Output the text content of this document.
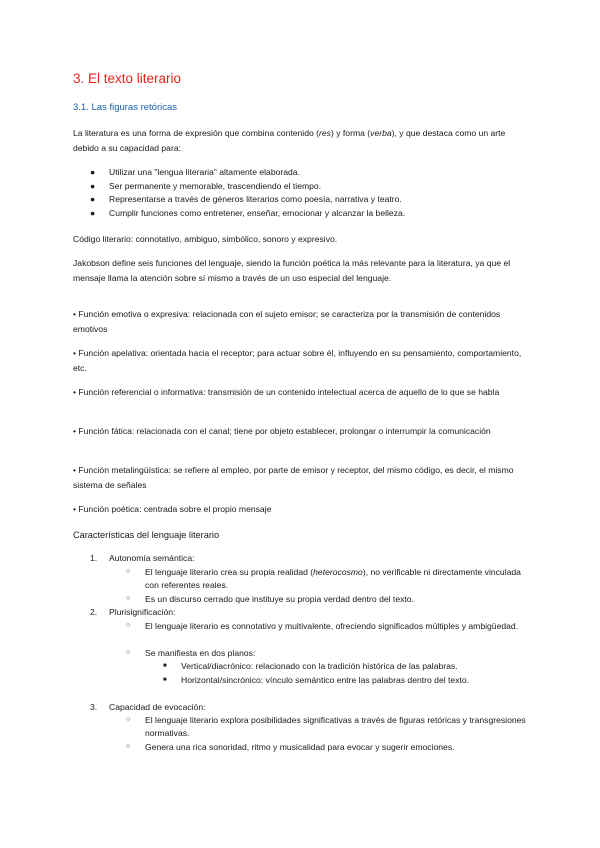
3. El texto literario
3.1. Las figuras retóricas

La literatura es una forma de expresión que combina contenido (res) y forma (verba), y que destaca como un arte debido a su capacidad para:

● Utilizar una "lengua literaria" altamente elaborada.
● Ser permanente y memorable, trascendiendo el tiempo.
● Representarse a través de géneros literarios como poesía, narrativa y teatro.
● Cumplir funciones como entretener, enseñar, emocionar y alcanzar la belleza.

Código literario: connotativo, ambiguo, simbólico, sonoro y expresivo.

Jakobson define seis funciones del lenguaje, siendo la función poética la más relevante para la literatura, ya que el mensaje llama la atención sobre sí mismo a través de un uso especial del lenguaje.

• Función emotiva o expresiva: relacionada con el sujeto emisor; se caracteriza por la transmisión de contenidos emotivos

• Función apelativa: orientada hacia el receptor; para actuar sobre él, influyendo en su pensamiento, comportamiento, etc.

• Función referencial o informativa: transmisión de un contenido intelectual acerca de aquello de lo que se habla

• Función fática: relacionada con el canal; tiene por objeto establecer, prolongar o interrumpir la comunicación

• Función metalingüística: se refiere al empleo, por parte de emisor y receptor, del mismo código, es decir, el mismo sistema de señales

• Función poética: centrada sobre el propio mensaje

Características del lenguaje literario

1. Autonomía semántica:
○ El lenguaje literario crea su propia realidad (heterocosmo), no verificable ni directamente vinculada con referentes reales.
○ Es un discurso cerrado que instituye su propia verdad dentro del texto.
2. Plurisignificación:
○ El lenguaje literario es connotativo y multivalente, ofreciendo significados múltiples y ambigüedad.
○ Se manifiesta en dos planos:
■ Vertical/diacrónico: relacionado con la tradición histórica de las palabras.
■ Horizontal/sincrónico: vínculo semántico entre las palabras dentro del texto.
3. Capacidad de evocación:
○ El lenguaje literario explora posibilidades significativas a través de figuras retóricas y transgresiones normativas.
○ Genera una rica sonoridad, ritmo y musicalidad para evocar y sugerir emociones.
